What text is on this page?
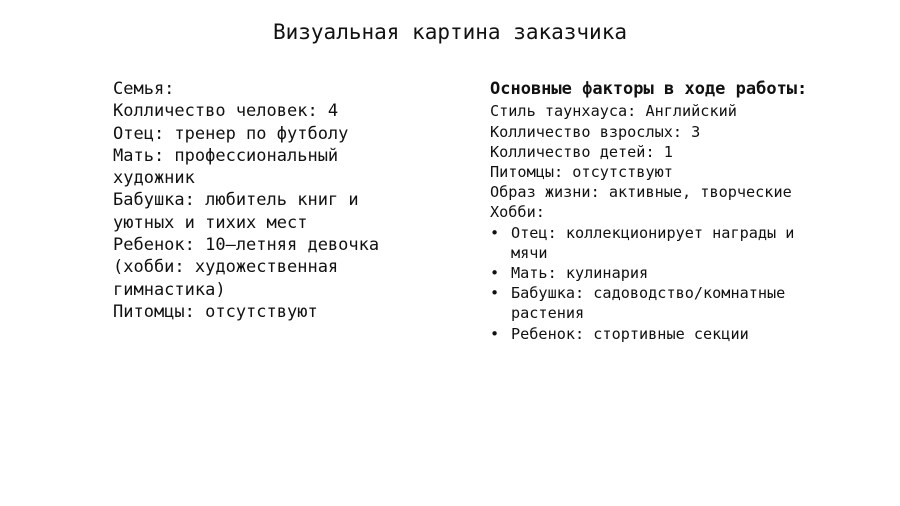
Визуальная картина заказчика
Семья:
Колличество человек: 4
Отец: тренер по футболу
Мать: профессиональный художник
Бабушка: любитель книг и уютных и тихих мест
Ребенок: 10–летняя девочка (хобби: художественная гимнастика)
Питомцы: отсутствуют
Основные факторы в ходе работы:
Стиль таунхауса: Английский
Колличество взрослых: 3
Колличество детей: 1
Питомцы: отсутствуют
Образ жизни: активные, творческие
Хобби:
• Отец: коллекционирует награды и мячи
• Мать: кулинария
• Бабушка: садоводство/комнатные растения
• Ребенок: стортивные секции
